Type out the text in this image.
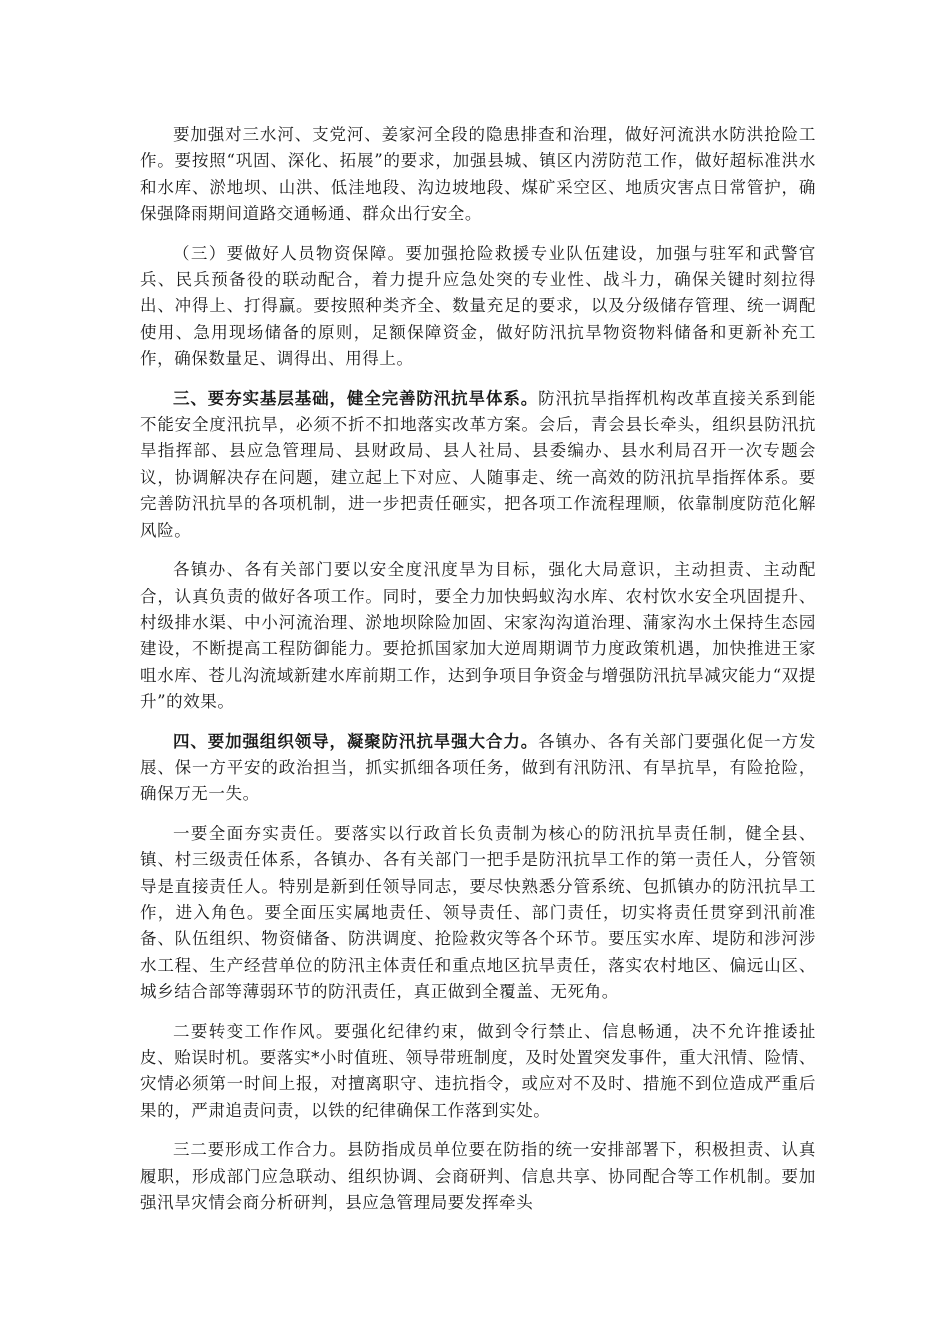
要加强对三水河、支党河、姜家河全段的隐患排查和治理，做好河流洪水防洪抢险工作。要按照“巩固、深化、拓展”的要求，加强县城、镇区内涝防范工作，做好超标准洪水和水库、淤地坝、山洪、低洼地段、沟边坡地段、煤矿采空区、地质灾害点日常管护，确保强降雨期间道路交通畅通、群众出行安全。

（三）要做好人员物资保障。要加强抢险救援专业队伍建设，加强与驻军和武警官兵、民兵预备役的联动配合，着力提升应急处突的专业性、战斗力，确保关键时刻拉得出、冲得上、打得赢。要按照种类齐全、数量充足的要求，以及分级储存管理、统一调配使用、急用现场储备的原则，足额保障资金，做好防汛抗旱物资物料储备和更新补充工作，确保数量足、调得出、用得上。

三、要夯实基层基础，健全完善防汛抗旱体系。防汛抗旱指挥机构改革直接关系到能不能安全度汛抗旱，必须不折不扣地落实改革方案。会后，青会县长牵头，组织县防汛抗旱指挥部、县应急管理局、县财政局、县人社局、县委编办、县水利局召开一次专题会议，协调解决存在问题，建立起上下对应、人随事走、统一高效的防汛抗旱指挥体系。要完善防汛抗旱的各项机制，进一步把责任砸实，把各项工作流程理顺，依靠制度防范化解风险。

各镇办、各有关部门要以安全度汛度旱为目标，强化大局意识，主动担责、主动配合，认真负责的做好各项工作。同时，要全力加快蚂蚁沟水库、农村饮水安全巩固提升、村级排水渠、中小河流治理、淤地坝除险加固、宋家沟沟道治理、蒲家沟水土保持生态园建设，不断提高工程防御能力。要抢抓国家加大逆周期调节力度政策机遇，加快推进王家咀水库、苍儿沟流域新建水库前期工作，达到争项目争资金与增强防汛抗旱减灾能力“双提升”的效果。

四、要加强组织领导，凝聚防汛抗旱强大合力。各镇办、各有关部门要强化促一方发展、保一方平安的政治担当，抓实抓细各项任务，做到有汛防汛、有旱抗旱，有险抢险，确保万无一失。

一要全面夯实责任。要落实以行政首长负责制为核心的防汛抗旱责任制，健全县、镇、村三级责任体系，各镇办、各有关部门一把手是防汛抗旱工作的第一责任人，分管领导是直接责任人。特别是新到任领导同志，要尽快熟悉分管系统、包抓镇办的防汛抗旱工作，进入角色。要全面压实属地责任、领导责任、部门责任，切实将责任贯穿到汛前准备、队伍组织、物资储备、防洪调度、抢险救灾等各个环节。要压实水库、堤防和涉河涉水工程、生产经营单位的防汛主体责任和重点地区抗旱责任，落实农村地区、偏远山区、城乡结合部等薄弱环节的防汛责任，真正做到全覆盖、无死角。

二要转变工作作风。要强化纪律约束，做到令行禁止、信息畅通，决不允许推诿扯皮、贻误时机。要落实*小时值班、领导带班制度，及时处置突发事件，重大汛情、险情、灾情必须第一时间上报，对擅离职守、违抗指令，或应对不及时、措施不到位造成严重后果的，严肃追责问责，以铁的纪律确保工作落到实处。

三二要形成工作合力。县防指成员单位要在防指的统一安排部署下，积极担责、认真履职，形成部门应急联动、组织协调、会商研判、信息共享、协同配合等工作机制。要加强汛旱灾情会商分析研判，县应急管理局要发挥牵头
